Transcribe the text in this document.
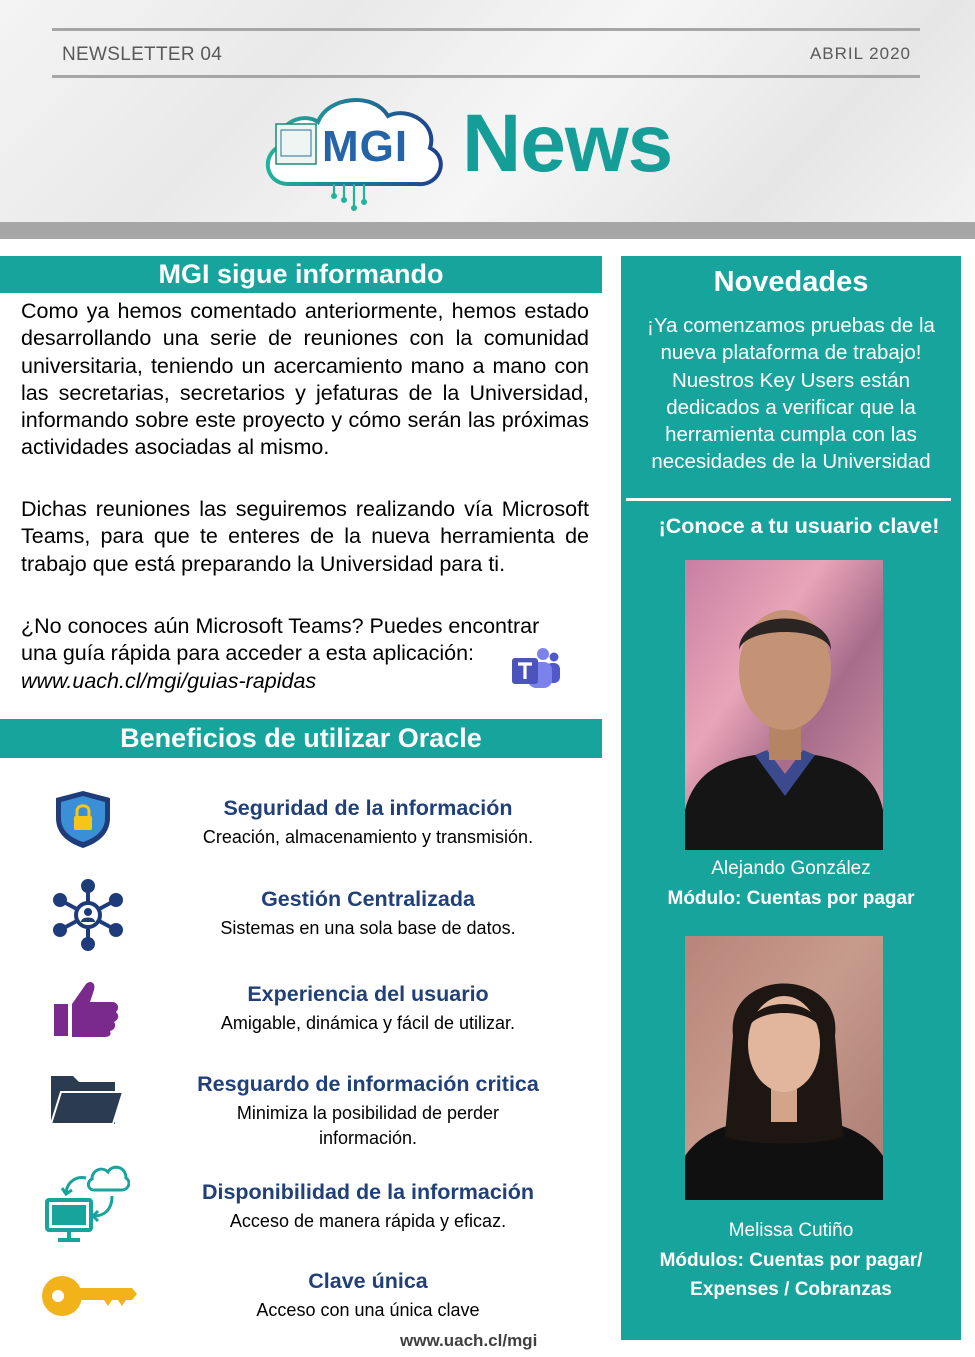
NEWSLETTER 04	ABRIL 2020
MGI News
MGI sigue informando
Como ya hemos comentado anteriormente, hemos estado desarrollando una serie de reuniones con la comunidad universitaria, teniendo un acercamiento mano a mano con las secretarias, secretarios y jefaturas de la Universidad, informando sobre este proyecto y cómo serán las próximas actividades asociadas al mismo.
Dichas reuniones las seguiremos realizando vía Microsoft Teams, para que te enteres de la nueva herramienta de trabajo que está preparando la Universidad para ti.
¿No conoces aún Microsoft Teams? Puedes encontrar
una guía rápida para acceder a esta aplicación:
www.uach.cl/mgi/guias-rapidas
Beneficios de utilizar Oracle
Seguridad de la información
Creación, almacenamiento y transmisión.
Gestión Centralizada
Sistemas en una sola base de datos.
Experiencia del usuario
Amigable, dinámica y fácil de utilizar.
Resguardo de información critica
Minimiza la posibilidad de perder información.
Disponibilidad de la información
Acceso de manera rápida y eficaz.
Clave única
Acceso con una única clave
www.uach.cl/mgi
Novedades
¡Ya comenzamos pruebas de la nueva plataforma de trabajo! Nuestros Key Users están dedicados a verificar que la herramienta cumpla con las necesidades de la Universidad
¡Conoce a tu usuario clave!
Alejando González
Módulo: Cuentas por pagar
Melissa Cutiño
Módulos: Cuentas por pagar/
Expenses / Cobranzas
